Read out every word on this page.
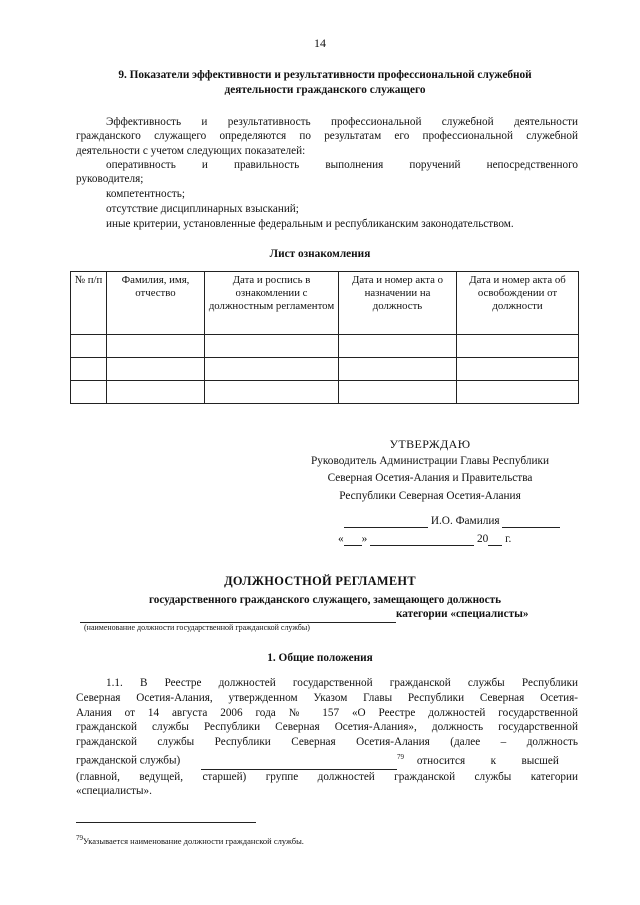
14
9. Показатели эффективности и результативности профессиональной служебной
деятельности гражданского служащего
Эффективность и результативность профессиональной служебной деятельности
гражданского служащего определяются по результатам его профессиональной служебной
деятельности с учетом следующих показателей:
оперативность и правильность выполнения поручений непосредственного
руководителя;
компетентность;
отсутствие дисциплинарных взысканий;
иные критерии, установленные федеральным и республиканским законодательством.
Лист ознакомления
№ п/п	Фамилия, имя, отчество	Дата и роспись в ознакомлении с должностным регламентом	Дата и номер акта о назначении на должность	Дата и номер акта об освобождении от должности

УТВЕРЖДАЮ
Руководитель Администрации Главы Республики
Северная Осетия-Алания и Правительства
Республики Северная Осетия-Алания
И.О. Фамилия
« »	20 г.
ДОЛЖНОСТНОЙ РЕГЛАМЕНТ
государственного гражданского служащего, замещающего должность
категории «специалисты»
(наименование должности государственной гражданской службы)
1. Общие положения
1.1. В Реестре должностей государственной гражданской службы Республики
Северная Осетия-Алания, утвержденном Указом Главы Республики Северная Осетия-
Алания от 14 августа 2006 года № 157 «О Реестре должностей государственной
гражданской службы Республики Северная Осетия-Алания», должность государственной
гражданской службы Республики Северная Осетия-Алания (далее – должность
гражданской службы)	$^{79}$ относится к высшей
(главной, ведущей, старшей) группе должностей гражданской службы категории
«специалисты».
$^{79}$Указывается наименование должности гражданской службы.
